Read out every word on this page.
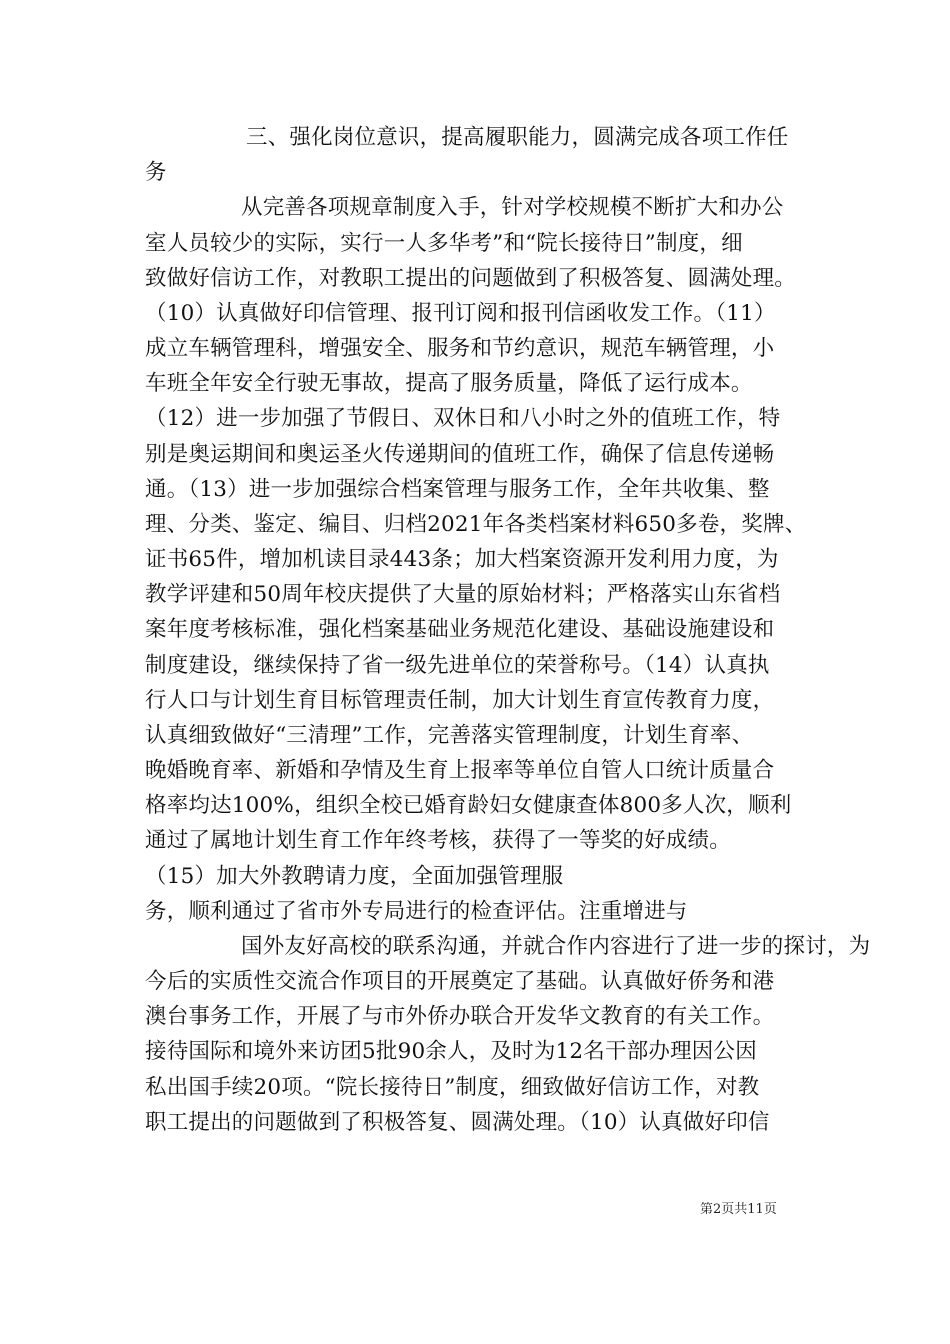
三、强化岗位意识，提高履职能力，圆满完成各项工作任
务
从完善各项规章制度入手，针对学校规模不断扩大和办公
室人员较少的实际，实行一人多华考”和“院长接待日”制度，细
致做好信访工作，对教职工提出的问题做到了积极答复、圆满处理。
（10）认真做好印信管理、报刊订阅和报刊信函收发工作。（11）
成立车辆管理科，增强安全、服务和节约意识，规范车辆管理，小
车班全年安全行驶无事故，提高了服务质量，降低了运行成本。
（12）进一步加强了节假日、双休日和八小时之外的值班工作，特
别是奥运期间和奥运圣火传递期间的值班工作，确保了信息传递畅
通。（13）进一步加强综合档案管理与服务工作，全年共收集、整
理、分类、鉴定、编目、归档2021年各类档案材料650多卷，奖牌、
证书65件，增加机读目录443条；加大档案资源开发利用力度，为
教学评建和50周年校庆提供了大量的原始材料；严格落实山东省档
案年度考核标准，强化档案基础业务规范化建设、基础设施建设和
制度建设，继续保持了省一级先进单位的荣誉称号。（14）认真执
行人口与计划生育目标管理责任制，加大计划生育宣传教育力度，
认真细致做好“三清理”工作，完善落实管理制度，计划生育率、
晚婚晚育率、新婚和孕情及生育上报率等单位自管人口统计质量合
格率均达100%，组织全校已婚育龄妇女健康查体800多人次，顺利
通过了属地计划生育工作年终考核，获得了一等奖的好成绩。
（15）加大外教聘请力度，全面加强管理服
务，顺利通过了省市外专局进行的检查评估。注重增进与
国外友好高校的联系沟通，并就合作内容进行了进一步的探讨，为
今后的实质性交流合作项目的开展奠定了基础。认真做好侨务和港
澳台事务工作，开展了与市外侨办联合开发华文教育的有关工作。
接待国际和境外来访团5批90余人，及时为12名干部办理因公因
私出国手续20项。“院长接待日”制度，细致做好信访工作，对教
职工提出的问题做到了积极答复、圆满处理。（10）认真做好印信
第2页共11页
